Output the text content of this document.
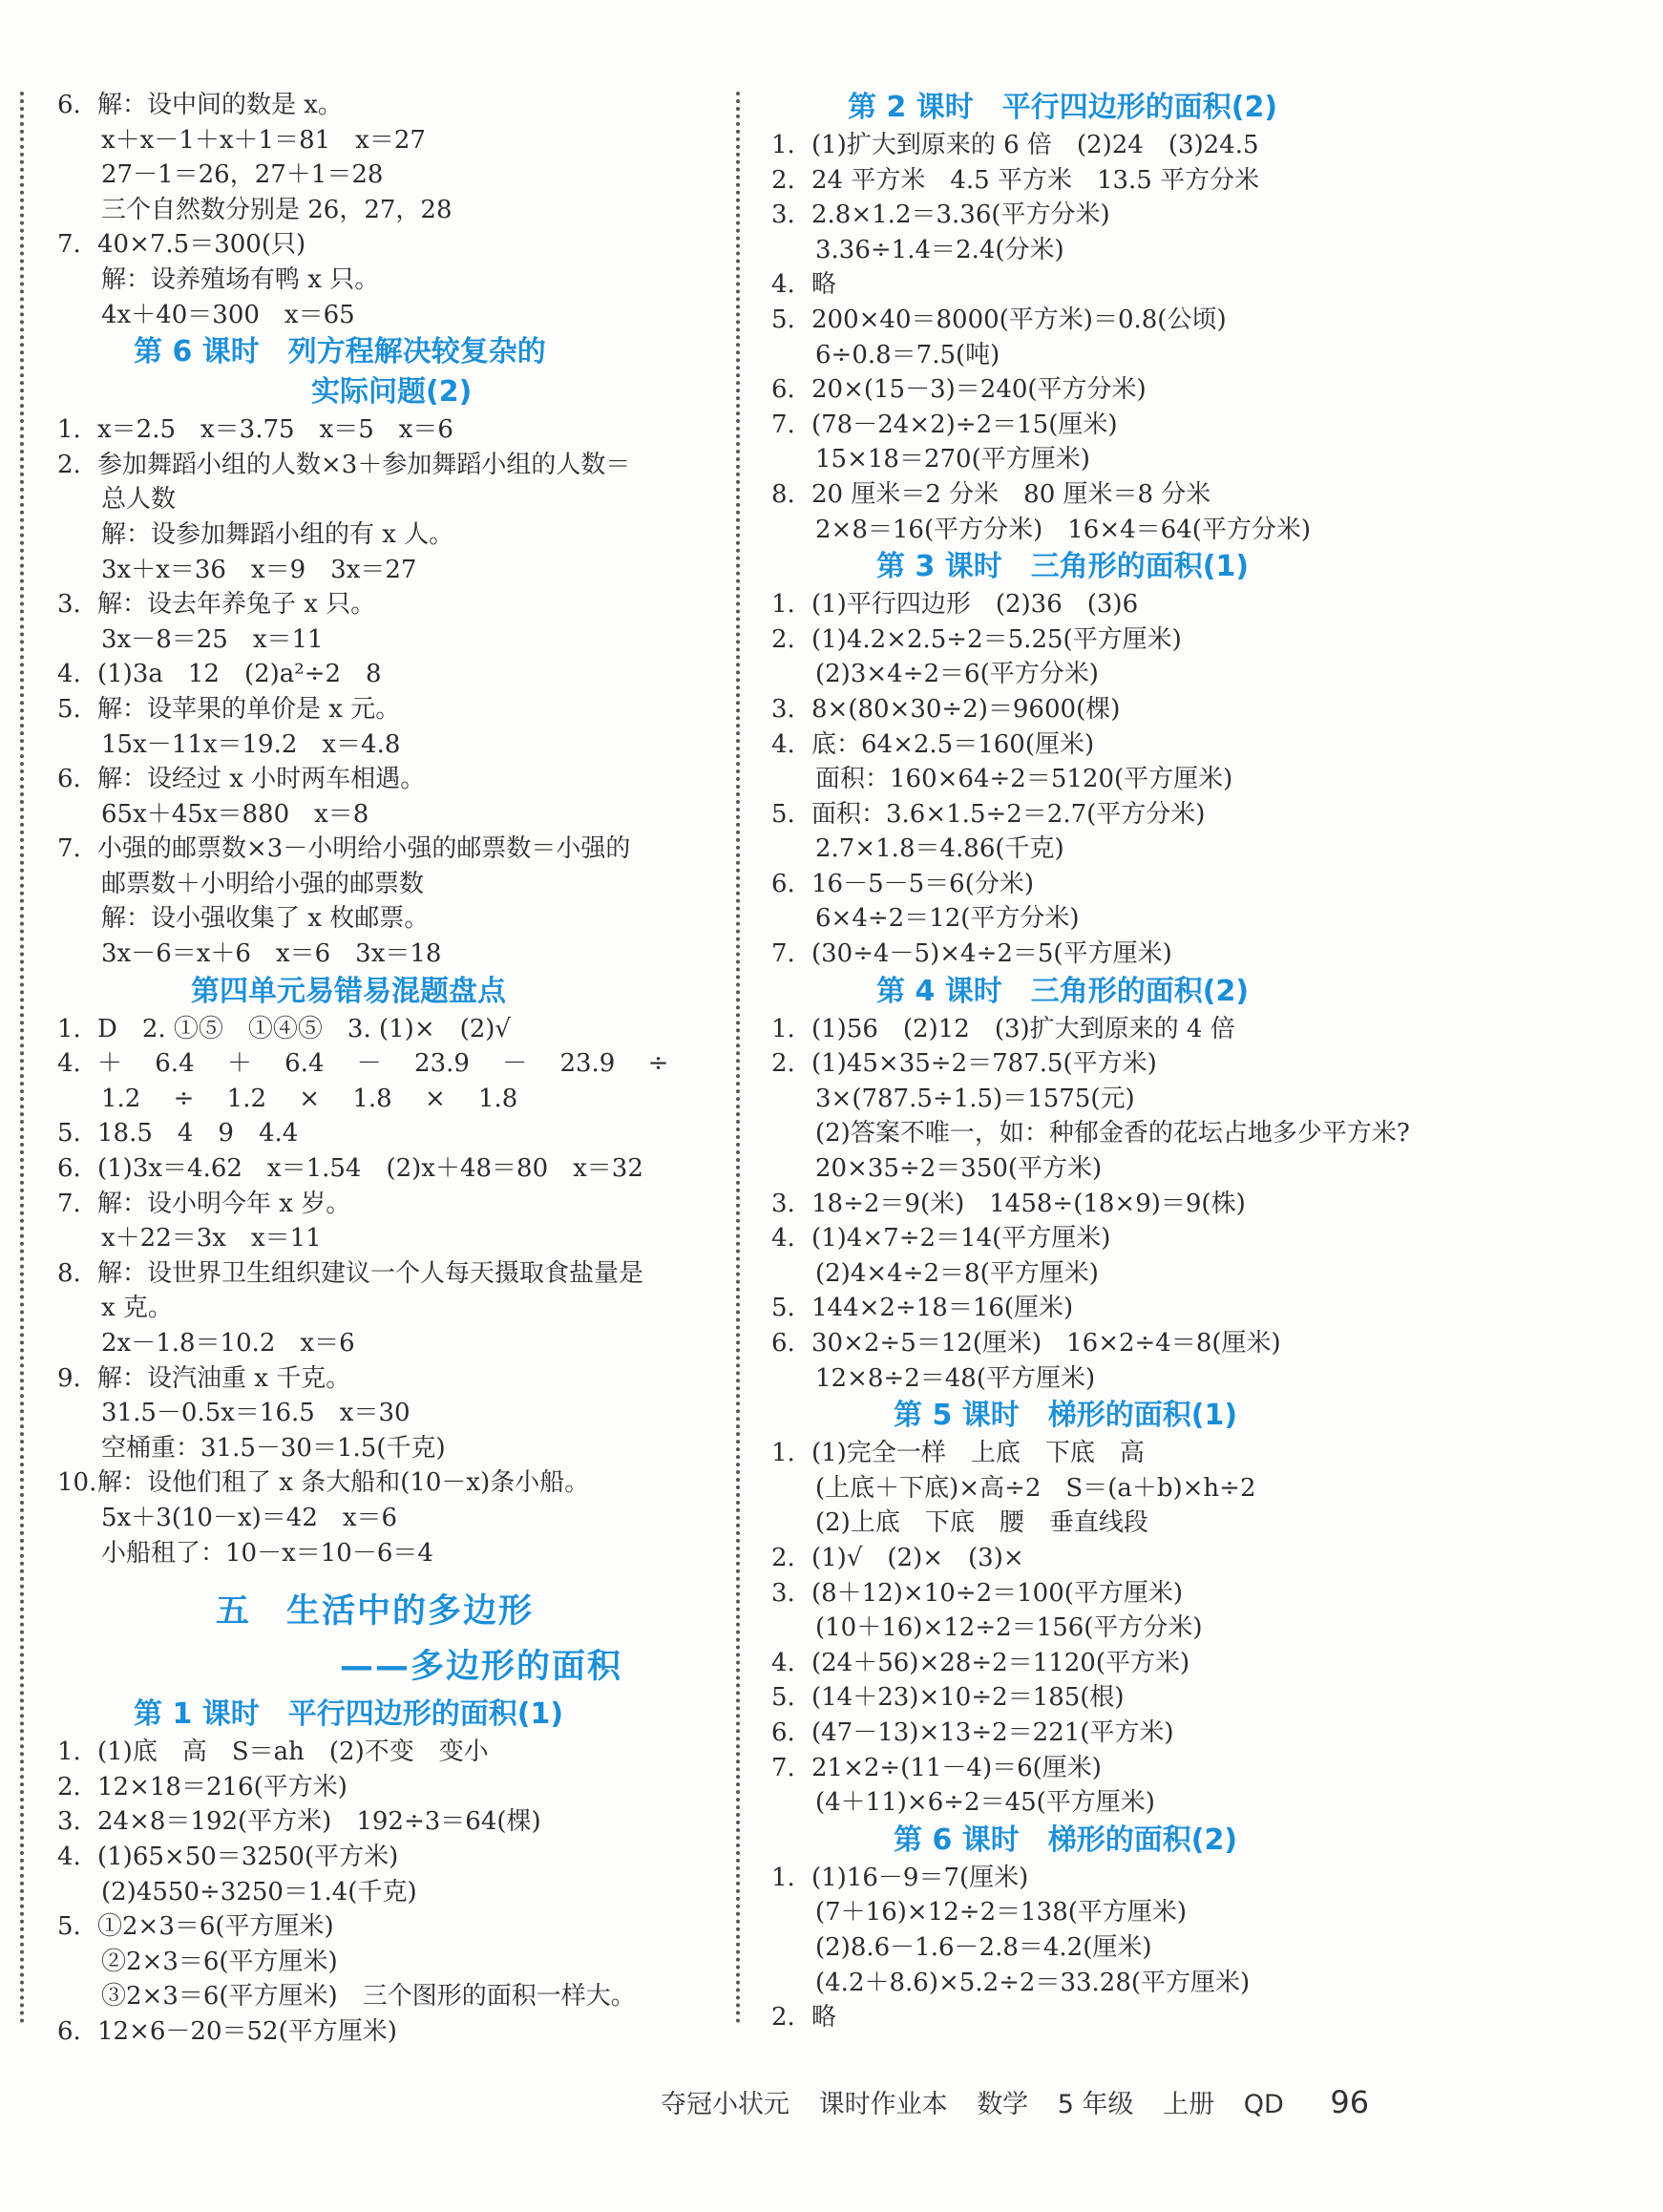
6. 解：设中间的数是 x。
x＋x－1＋x＋1＝81　x＝27
27－1＝26，27＋1＝28
三个自然数分别是 26，27，28
7. 40×7.5＝300(只)
解：设养殖场有鸭 x 只。
4x＋40＝300　x＝65
第 6 课时　列方程解决较复杂的
实际问题(2)
1. x＝2.5　x＝3.75　x＝5　x＝6
2. 参加舞蹈小组的人数×3＋参加舞蹈小组的人数＝
总人数
解：设参加舞蹈小组的有 x 人。
3x＋x＝36　x＝9　3x＝27
3. 解：设去年养兔子 x 只。
3x－8＝25　x＝11
4. (1)3a　12　(2)a²÷2　8
5. 解：设苹果的单价是 x 元。
15x－11x＝19.2　x＝4.8
6. 解：设经过 x 小时两车相遇。
65x＋45x＝880　x＝8
7. 小强的邮票数×3－小明给小强的邮票数＝小强的
邮票数＋小明给小强的邮票数
解：设小强收集了 x 枚邮票。
3x－6＝x＋6　x＝6　3x＝18
第四单元易错易混题盘点
1. D　2. ①⑤　①④⑤　3. (1)×　(2)√
4. ＋　 6.4　 ＋　 6.4　 －　 23.9　 －　 23.9　 ÷
1.2　 ÷　 1.2　 ×　 1.8　 ×　 1.8
5. 18.5　4　9　4.4
6. (1)3x＝4.62　x＝1.54　(2)x＋48＝80　x＝32
7. 解：设小明今年 x 岁。
x＋22＝3x　x＝11
8. 解：设世界卫生组织建议一个人每天摄取食盐量是
x 克。
2x－1.8＝10.2　x＝6
9. 解：设汽油重 x 千克。
31.5－0.5x＝16.5　x＝30
空桶重：31.5－30＝1.5(千克)
10.解：设他们租了 x 条大船和(10－x)条小船。
5x＋3(10－x)＝42　x＝6
小船租了：10－x＝10－6＝4
五　生活中的多边形
——多边形的面积
第 1 课时　平行四边形的面积(1)
1. (1)底　高　S＝ah　(2)不变　变小
2. 12×18＝216(平方米)
3. 24×8＝192(平方米)　192÷3＝64(棵)
4. (1)65×50＝3250(平方米)
(2)4550÷3250＝1.4(千克)
5. ①2×3＝6(平方厘米)
②2×3＝6(平方厘米)
③2×3＝6(平方厘米)　三个图形的面积一样大。
6. 12×6－20＝52(平方厘米)
第 2 课时　平行四边形的面积(2)
1. (1)扩大到原来的 6 倍　(2)24　(3)24.5
2. 24 平方米　4.5 平方米　13.5 平方分米
3. 2.8×1.2＝3.36(平方分米)
3.36÷1.4＝2.4(分米)
4. 略
5. 200×40＝8000(平方米)＝0.8(公顷)
6÷0.8＝7.5(吨)
6. 20×(15－3)＝240(平方分米)
7. (78－24×2)÷2＝15(厘米)
15×18＝270(平方厘米)
8. 20 厘米＝2 分米　80 厘米＝8 分米
2×8＝16(平方分米)　16×4＝64(平方分米)
第 3 课时　三角形的面积(1)
1. (1)平行四边形　(2)36　(3)6
2. (1)4.2×2.5÷2＝5.25(平方厘米)
(2)3×4÷2＝6(平方分米)
3. 8×(80×30÷2)＝9600(棵)
4. 底：64×2.5＝160(厘米)
面积：160×64÷2＝5120(平方厘米)
5. 面积：3.6×1.5÷2＝2.7(平方分米)
2.7×1.8＝4.86(千克)
6. 16－5－5＝6(分米)
6×4÷2＝12(平方分米)
7. (30÷4－5)×4÷2＝5(平方厘米)
第 4 课时　三角形的面积(2)
1. (1)56　(2)12　(3)扩大到原来的 4 倍
2. (1)45×35÷2＝787.5(平方米)
3×(787.5÷1.5)＝1575(元)
(2)答案不唯一，如：种郁金香的花坛占地多少平方米?
20×35÷2＝350(平方米)
3. 18÷2＝9(米)　1458÷(18×9)＝9(株)
4. (1)4×7÷2＝14(平方厘米)
(2)4×4÷2＝8(平方厘米)
5. 144×2÷18＝16(厘米)
6. 30×2÷5＝12(厘米)　16×2÷4＝8(厘米)
12×8÷2＝48(平方厘米)
第 5 课时　梯形的面积(1)
1. (1)完全一样　上底　下底　高
(上底＋下底)×高÷2　S＝(a＋b)×h÷2
(2)上底　下底　腰　垂直线段
2. (1)√　(2)×　(3)×
3. (8＋12)×10÷2＝100(平方厘米)
(10＋16)×12÷2＝156(平方分米)
4. (24＋56)×28÷2＝1120(平方米)
5. (14＋23)×10÷2＝185(根)
6. (47－13)×13÷2＝221(平方米)
7. 21×2÷(11－4)＝6(厘米)
(4＋11)×6÷2＝45(平方厘米)
第 6 课时　梯形的面积(2)
1. (1)16－9＝7(厘米)
(7＋16)×12÷2＝138(平方厘米)
(2)8.6－1.6－2.8＝4.2(厘米)
(4.2＋8.6)×5.2÷2＝33.28(平方厘米)
2. 略
夺冠小状元 课时作业本 数学 5 年级 上册 QD 96
